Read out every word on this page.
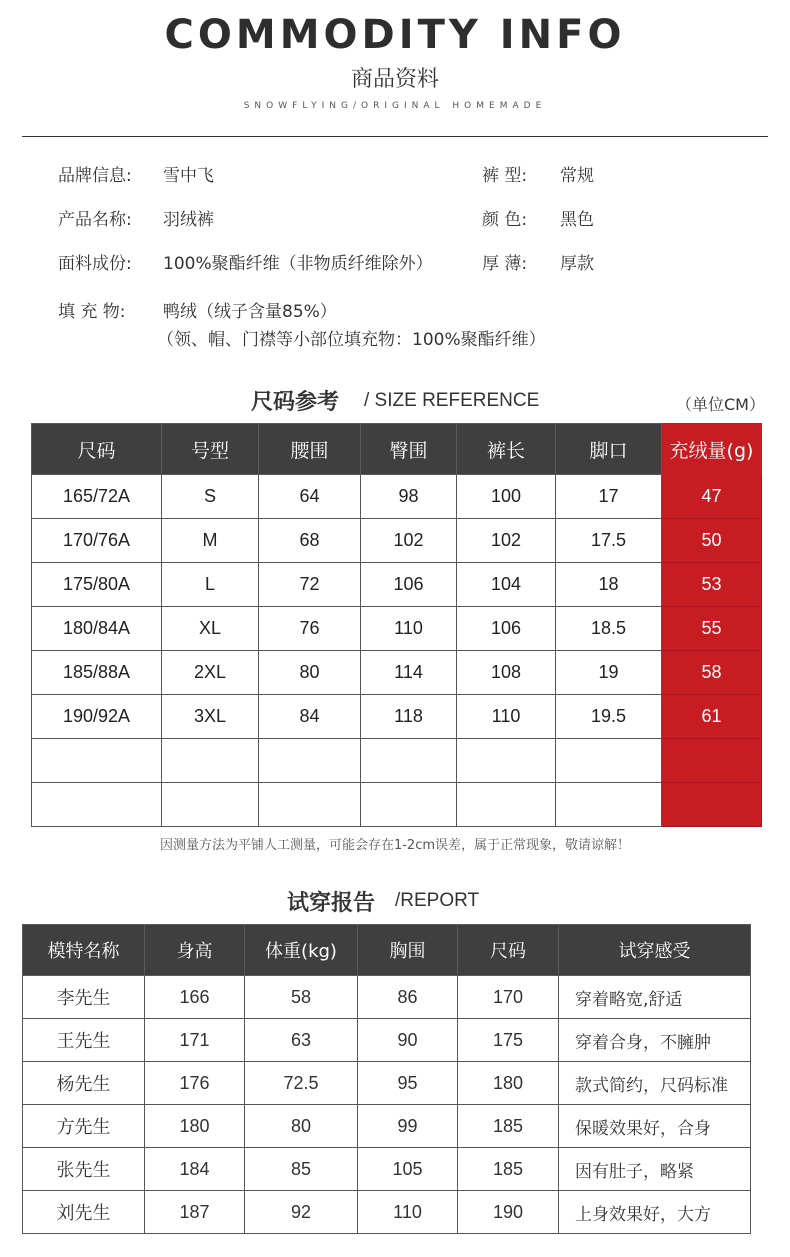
COMMODITY INFO
商品资料
SNOWFLYING/ORIGINAL HOMEMADE
品牌信息: 雪中飞
产品名称: 羽绒裤
面料成份: 100%聚酯纤维（非物质纤维除外）
填 充 物: 鸭绒（绒子含量85%）
（领、帽、门襟等小部位填充物：100%聚酯纤维）
裤 型: 常规
颜 色: 黑色
厚 薄: 厚款
尺码参考 / SIZE REFERENCE	（单位CM）
尺码	号型	腰围	臀围	裤长	脚口	充绒量(g)
165/72A	S	64	98	100	17	47
170/76A	M	68	102	102	17.5	50
175/80A	L	72	106	104	18	53
180/84A	XL	76	110	106	18.5	55
185/88A	2XL	80	114	108	19	58
190/92A	3XL	84	118	110	19.5	61

因测量方法为平铺人工测量，可能会存在1-2cm误差，属于正常现象，敬请谅解！
试穿报告 /REPORT
模特名称	身高	体重(kg)	胸围	尺码	试穿感受
李先生	166	58	86	170	穿着略宽,舒适
王先生	171	63	90	175	穿着合身，不臃肿
杨先生	176	72.5	95	180	款式简约，尺码标准
方先生	180	80	99	185	保暖效果好，合身
张先生	184	85	105	185	因有肚子，略紧
刘先生	187	92	110	190	上身效果好，大方
